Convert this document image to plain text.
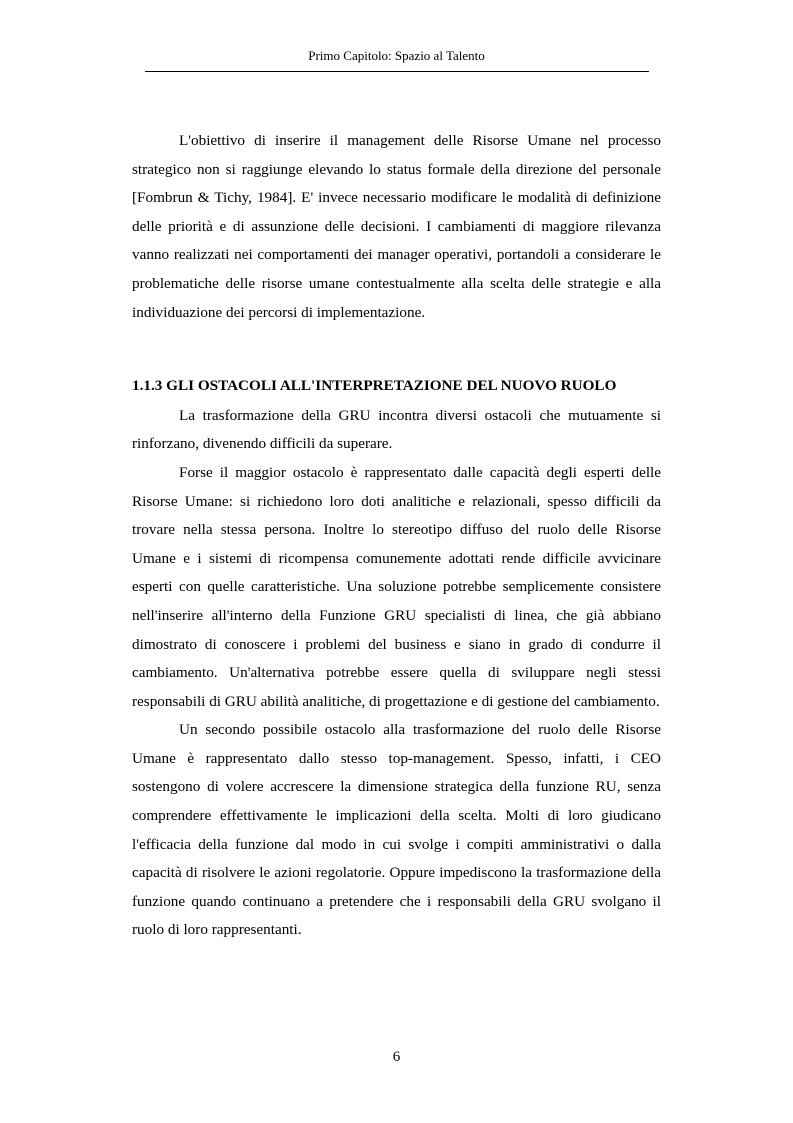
Primo Capitolo: Spazio al Talento

L'obiettivo di inserire il management delle Risorse Umane nel processo strategico non si raggiunge elevando lo status formale della direzione del personale [Fombrun & Tichy, 1984]. E' invece necessario modificare le modalità di definizione delle priorità e di assunzione delle decisioni. I cambiamenti di maggiore rilevanza vanno realizzati nei comportamenti dei manager operativi, portandoli a considerare le problematiche delle risorse umane contestualmente alla scelta delle strategie e alla individuazione dei percorsi di implementazione.

1.1.3 GLI OSTACOLI ALL'INTERPRETAZIONE DEL NUOVO RUOLO

La trasformazione della GRU incontra diversi ostacoli che mutuamente si rinforzano, divenendo difficili da superare.

Forse il maggior ostacolo è rappresentato dalle capacità degli esperti delle Risorse Umane: si richiedono loro doti analitiche e relazionali, spesso difficili da trovare nella stessa persona. Inoltre lo stereotipo diffuso del ruolo delle Risorse Umane e i sistemi di ricompensa comunemente adottati rende difficile avvicinare esperti con quelle caratteristiche. Una soluzione potrebbe semplicemente consistere nell'inserire all'interno della Funzione GRU specialisti di linea, che già abbiano dimostrato di conoscere i problemi del business e siano in grado di condurre il cambiamento. Un'alternativa potrebbe essere quella di sviluppare negli stessi responsabili di GRU abilità analitiche, di progettazione e di gestione del cambiamento.

Un secondo possibile ostacolo alla trasformazione del ruolo delle Risorse Umane è rappresentato dallo stesso top-management. Spesso, infatti, i CEO sostengono di volere accrescere la dimensione strategica della funzione RU, senza comprendere effettivamente le implicazioni della scelta. Molti di loro giudicano l'efficacia della funzione dal modo in cui svolge i compiti amministrativi o dalla capacità di risolvere le azioni regolatorie. Oppure impediscono la trasformazione della funzione quando continuano a pretendere che i responsabili della GRU svolgano il ruolo di loro rappresentanti.

6
